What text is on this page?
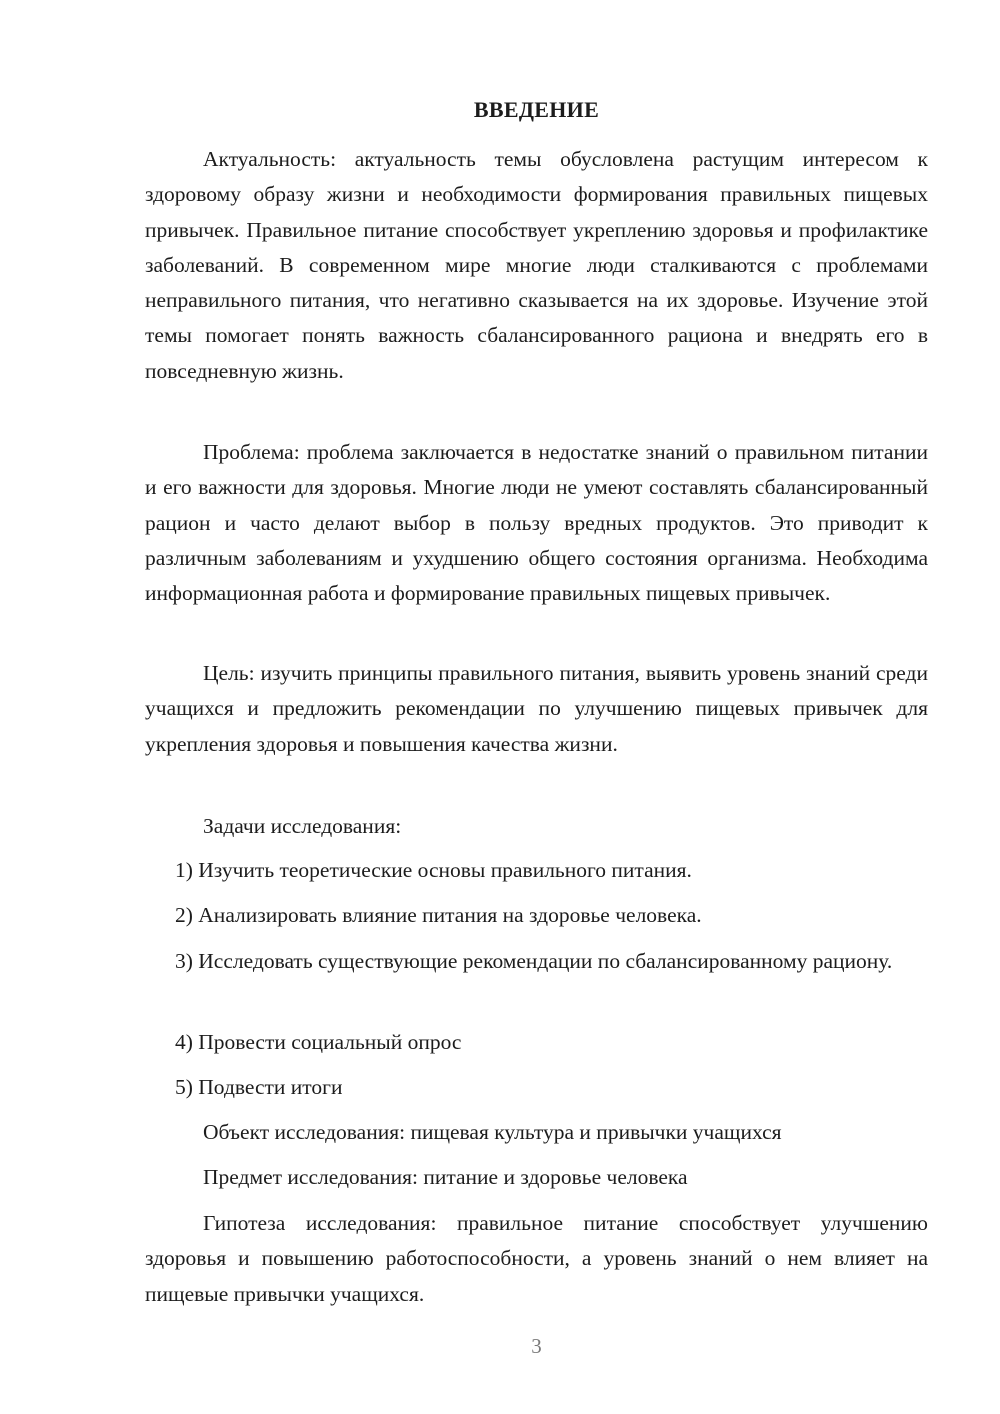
ВВЕДЕНИЕ

Актуальность: актуальность темы обусловлена растущим интересом к здоровому образу жизни и необходимости формирования правильных пищевых привычек. Правильное питание способствует укреплению здоровья и профилактике заболеваний. В современном мире многие люди сталкиваются с проблемами неправильного питания, что негативно сказывается на их здоровье. Изучение этой темы помогает понять важность сбалансированного рациона и внедрять его в повседневную жизнь.

Проблема: проблема заключается в недостатке знаний о правильном питании и его важности для здоровья. Многие люди не умеют составлять сбалансированный рацион и часто делают выбор в пользу вредных продуктов. Это приводит к различным заболеваниям и ухудшению общего состояния организма. Необходима информационная работа и формирование правильных пищевых привычек.

Цель: изучить принципы правильного питания, выявить уровень знаний среди учащихся и предложить рекомендации по улучшению пищевых привычек для укрепления здоровья и повышения качества жизни.

Задачи исследования:

1) Изучить теоретические основы правильного питания.

2) Анализировать влияние питания на здоровье человека.

3) Исследовать существующие рекомендации по сбалансированному рациону.

4) Провести социальный опрос

5) Подвести итоги

Объект исследования: пищевая культура и привычки учащихся

Предмет исследования: питание и здоровье человека

Гипотеза исследования: правильное питание способствует улучшению здоровья и повышению работоспособности, а уровень знаний о нем влияет на пищевые привычки учащихся.

3
